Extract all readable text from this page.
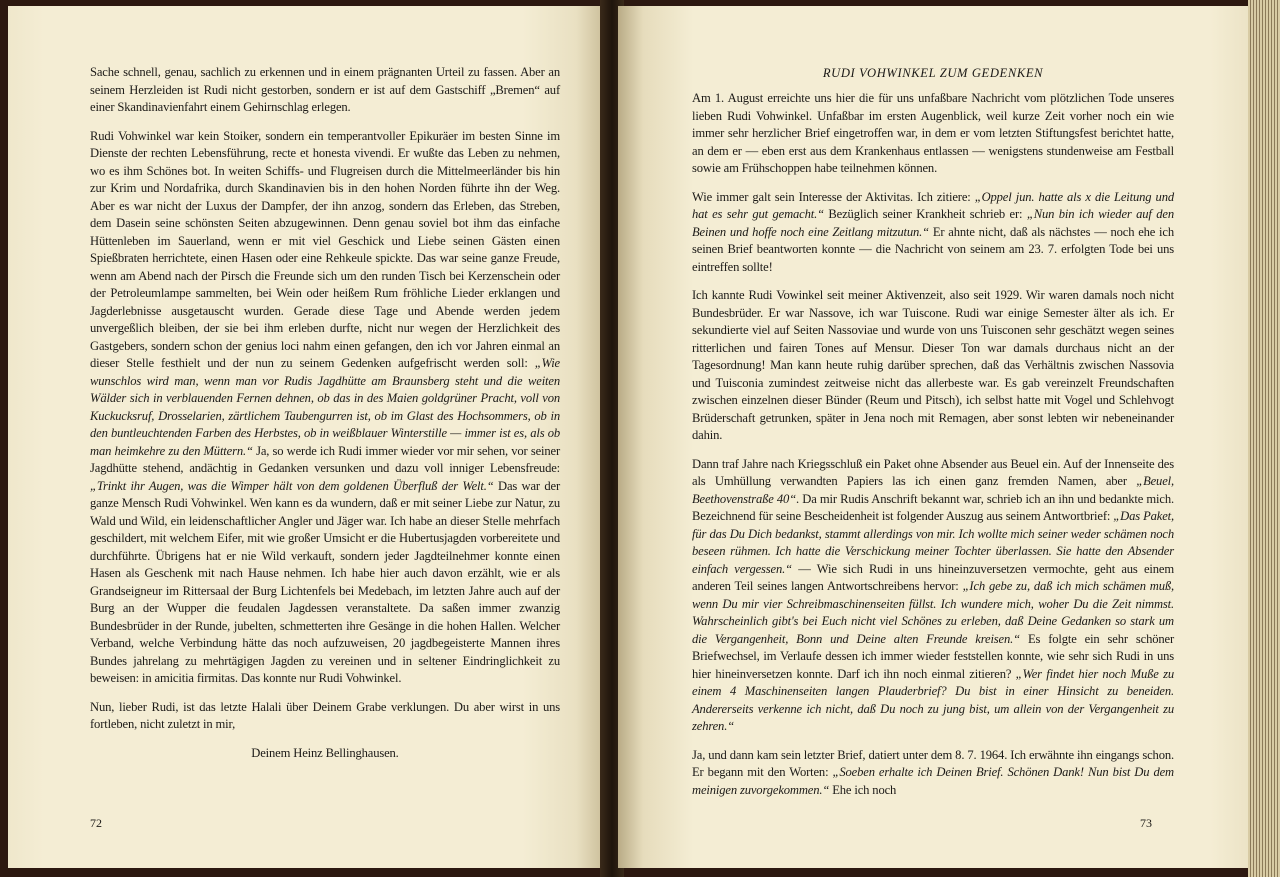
Sache schnell, genau, sachlich zu erkennen und in einem prägnanten Urteil zu fassen. Aber an seinem Herzleiden ist Rudi nicht gestorben, sondern er ist auf dem Gastschiff „Bremen“ auf einer Skandinavienfahrt einem Gehirnschlag erlegen.

Rudi Vohwinkel war kein Stoiker, sondern ein temperantvoller Epikuräer im besten Sinne im Dienste der rechten Lebensführung, recte et honesta vivendi. Er wußte das Leben zu nehmen, wo es ihm Schönes bot. In weiten Schiffs- und Flugreisen durch die Mittelmeerländer bis hin zur Krim und Nordafrika, durch Skandinavien bis in den hohen Norden führte ihn der Weg. Aber es war nicht der Luxus der Dampfer, der ihn anzog, sondern das Erleben, das Streben, dem Dasein seine schönsten Seiten abzugewinnen. Denn genau soviel bot ihm das einfache Hüttenleben im Sauerland, wenn er mit viel Geschick und Liebe seinen Gästen einen Spießbraten herrichtete, einen Hasen oder eine Rehkeule spickte. Das war seine ganze Freude, wenn am Abend nach der Pirsch die Freunde sich um den runden Tisch bei Kerzenschein oder der Petroleumlampe sammelten, bei Wein oder heißem Rum fröhliche Lieder erklangen und Jagderlebnisse ausgetauscht wurden. Gerade diese Tage und Abende werden jedem unvergeßlich bleiben, der sie bei ihm erleben durfte, nicht nur wegen der Herzlichkeit des Gastgebers, sondern schon der genius loci nahm einen gefangen, den ich vor Jahren einmal an dieser Stelle festhielt und der nun zu seinem Gedenken aufgefrischt werden soll: „Wie wunschlos wird man, wenn man vor Rudis Jagdhütte am Braunsberg steht und die weiten Wälder sich in verblauenden Fernen dehnen, ob das in des Maien goldgrüner Pracht, voll von Kuckucksruf, Drosselarien, zärtlichem Taubengurren ist, ob im Glast des Hochsommers, ob in den buntleuchtenden Farben des Herbstes, ob in weißblauer Winterstille — immer ist es, als ob man heimkehre zu den Müttern.“ Ja, so werde ich Rudi immer wieder vor mir sehen, vor seiner Jagdhütte stehend, andächtig in Gedanken versunken und dazu voll inniger Lebensfreude: „Trinkt ihr Augen, was die Wimper hält von dem goldenen Überfluß der Welt.“ Das war der ganze Mensch Rudi Vohwinkel. Wen kann es da wundern, daß er mit seiner Liebe zur Natur, zu Wald und Wild, ein leidenschaftlicher Angler und Jäger war. Ich habe an dieser Stelle mehrfach geschildert, mit welchem Eifer, mit wie großer Umsicht er die Hubertusjagden vorbereitete und durchführte. Übrigens hat er nie Wild verkauft, sondern jeder Jagdteilnehmer konnte einen Hasen als Geschenk mit nach Hause nehmen. Ich habe hier auch davon erzählt, wie er als Grandseigneur im Rittersaal der Burg Lichtenfels bei Medebach, im letzten Jahre auch auf der Burg an der Wupper die feudalen Jagdessen veranstaltete. Da saßen immer zwanzig Bundesbrüder in der Runde, jubelten, schmetterten ihre Gesänge in die hohen Hallen. Welcher Verband, welche Verbindung hätte das noch aufzuweisen, 20 jagdbegeisterte Mannen ihres Bundes jahrelang zu mehrtägigen Jagden zu vereinen und in seltener Eindringlichkeit zu beweisen: in amicitia firmitas. Das konnte nur Rudi Vohwinkel.

Nun, lieber Rudi, ist das letzte Halali über Deinem Grabe verklungen. Du aber wirst in uns fortleben, nicht zuletzt in mir,

Deinem Heinz Bellinghausen.
72
RUDI VOHWINKEL ZUM GEDENKEN

Am 1. August erreichte uns hier die für uns unfaßbare Nachricht vom plötzlichen Tode unseres lieben Rudi Vohwinkel. Unfaßbar im ersten Augenblick, weil kurze Zeit vorher noch ein wie immer sehr herzlicher Brief eingetroffen war, in dem er vom letzten Stiftungsfest berichtet hatte, an dem er — eben erst aus dem Krankenhaus entlassen — wenigstens stundenweise am Festball sowie am Frühschoppen habe teilnehmen können.

Wie immer galt sein Interesse der Aktivitas. Ich zitiere: „Oppel jun. hatte als x die Leitung und hat es sehr gut gemacht.“ Bezüglich seiner Krankheit schrieb er: „Nun bin ich wieder auf den Beinen und hoffe noch eine Zeitlang mitzutun.“ Er ahnte nicht, daß als nächstes — noch ehe ich seinen Brief beantworten konnte — die Nachricht von seinem am 23. 7. erfolgten Tode bei uns eintreffen sollte!

Ich kannte Rudi Vowinkel seit meiner Aktivenzeit, also seit 1929. Wir waren damals noch nicht Bundesbrüder. Er war Nassove, ich war Tuiscone. Rudi war einige Semester älter als ich. Er sekundierte viel auf Seiten Nassoviae und wurde von uns Tuisconen sehr geschätzt wegen seines ritterlichen und fairen Tones auf Mensur. Dieser Ton war damals durchaus nicht an der Tagesordnung! Man kann heute ruhig darüber sprechen, daß das Verhältnis zwischen Nassovia und Tuisconia zumindest zeitweise nicht das allerbeste war. Es gab vereinzelt Freundschaften zwischen einzelnen dieser Bünder (Reum und Pitsch), ich selbst hatte mit Vogel und Schlehvogt Brüderschaft getrunken, später in Jena noch mit Remagen, aber sonst lebten wir nebeneinander dahin.

Dann traf Jahre nach Kriegsschluß ein Paket ohne Absender aus Beuel ein. Auf der Innenseite des als Umhüllung verwandten Papiers las ich einen ganz fremden Namen, aber „Beuel, Beethovenstraße 40“. Da mir Rudis Anschrift bekannt war, schrieb ich an ihn und bedankte mich. Bezeichnend für seine Bescheidenheit ist folgender Auszug aus seinem Antwortbrief: „Das Paket, für das Du Dich bedankst, stammt allerdings von mir. Ich wollte mich seiner weder schämen noch beseen rühmen. Ich hatte die Verschickung meiner Tochter überlassen. Sie hatte den Absender einfach vergessen.“ — Wie sich Rudi in uns hineinzuversetzen vermochte, geht aus einem anderen Teil seines langen Antwortschreibens hervor: „Ich gebe zu, daß ich mich schämen muß, wenn Du mir vier Schreibmaschinenseiten füllst. Ich wundere mich, woher Du die Zeit nimmst. Wahrscheinlich gibt's bei Euch nicht viel Schönes zu erleben, daß Deine Gedanken so stark um die Vergangenheit, Bonn und Deine alten Freunde kreisen.“ Es folgte ein sehr schöner Briefwechsel, im Verlaufe dessen ich immer wieder feststellen konnte, wie sehr sich Rudi in uns hier hineinversetzen konnte. Darf ich ihn noch einmal zitieren? „Wer findet hier noch Muße zu einem 4 Maschinenseiten langen Plauderbrief? Du bist in einer Hinsicht zu beneiden. Andererseits verkenne ich nicht, daß Du noch zu jung bist, um allein von der Vergangenheit zu zehren.“

Ja, und dann kam sein letzter Brief, datiert unter dem 8. 7. 1964. Ich erwähnte ihn eingangs schon. Er begann mit den Worten: „Soeben erhalte ich Deinen Brief. Schönen Dank! Nun bist Du dem meinigen zuvorgekommen.“ Ehe ich noch

73
